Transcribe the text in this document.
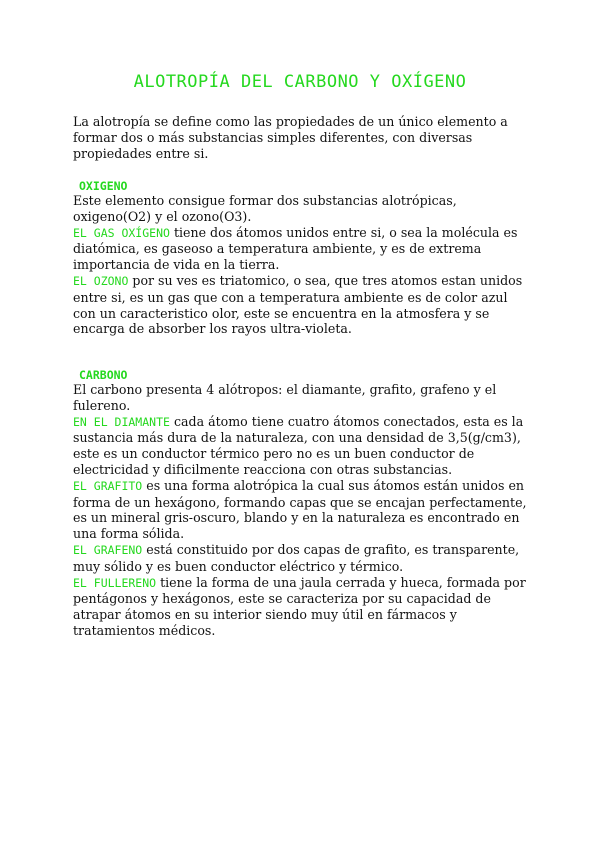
ALOTROPÍA DEL CARBONO Y OXÍGENO

La alotropía se define como las propiedades de un único elemento a formar dos o más substancias simples diferentes, con diversas propiedades entre si.

OXIGENO

Este elemento consigue formar dos substancias alotrópicas, oxigeno(O2) y el ozono(O3).

EL GAS OXÍGENO tiene dos átomos unidos entre si, o sea la molécula es diatómica, es gaseoso a temperatura ambiente, y es de extrema importancia de vida en la tierra.

EL OZONO por su ves es triatomico, o sea, que tres atomos estan unidos entre si, es un gas que con a temperatura ambiente es de color azul con un caracteristico olor, este se encuentra en la atmosfera y se encarga de absorber los rayos ultra-violeta.

CARBONO

El carbono presenta 4 alótropos: el diamante, grafito, grafeno y el fulereno.

EN EL DIAMANTE cada átomo tiene cuatro átomos conectados, esta es la sustancia más dura de la naturaleza, con una densidad de 3,5(g/cm3), este es un conductor térmico pero no es un buen conductor de electricidad y dificilmente reacciona con otras substancias.

EL GRAFITO es una forma alotrópica la cual sus átomos están unidos en forma de un hexágono, formando capas que se encajan perfectamente, es un mineral gris-oscuro, blando y en la naturaleza es encontrado en una forma sólida.

EL GRAFENO está constituido por dos capas de grafito, es transparente, muy sólido y es buen conductor eléctrico y térmico.

EL FULLERENO tiene la forma de una jaula cerrada y hueca, formada por pentágonos y hexágonos, este se caracteriza por su capacidad de atrapar átomos en su interior siendo muy útil en fármacos y tratamientos médicos.
